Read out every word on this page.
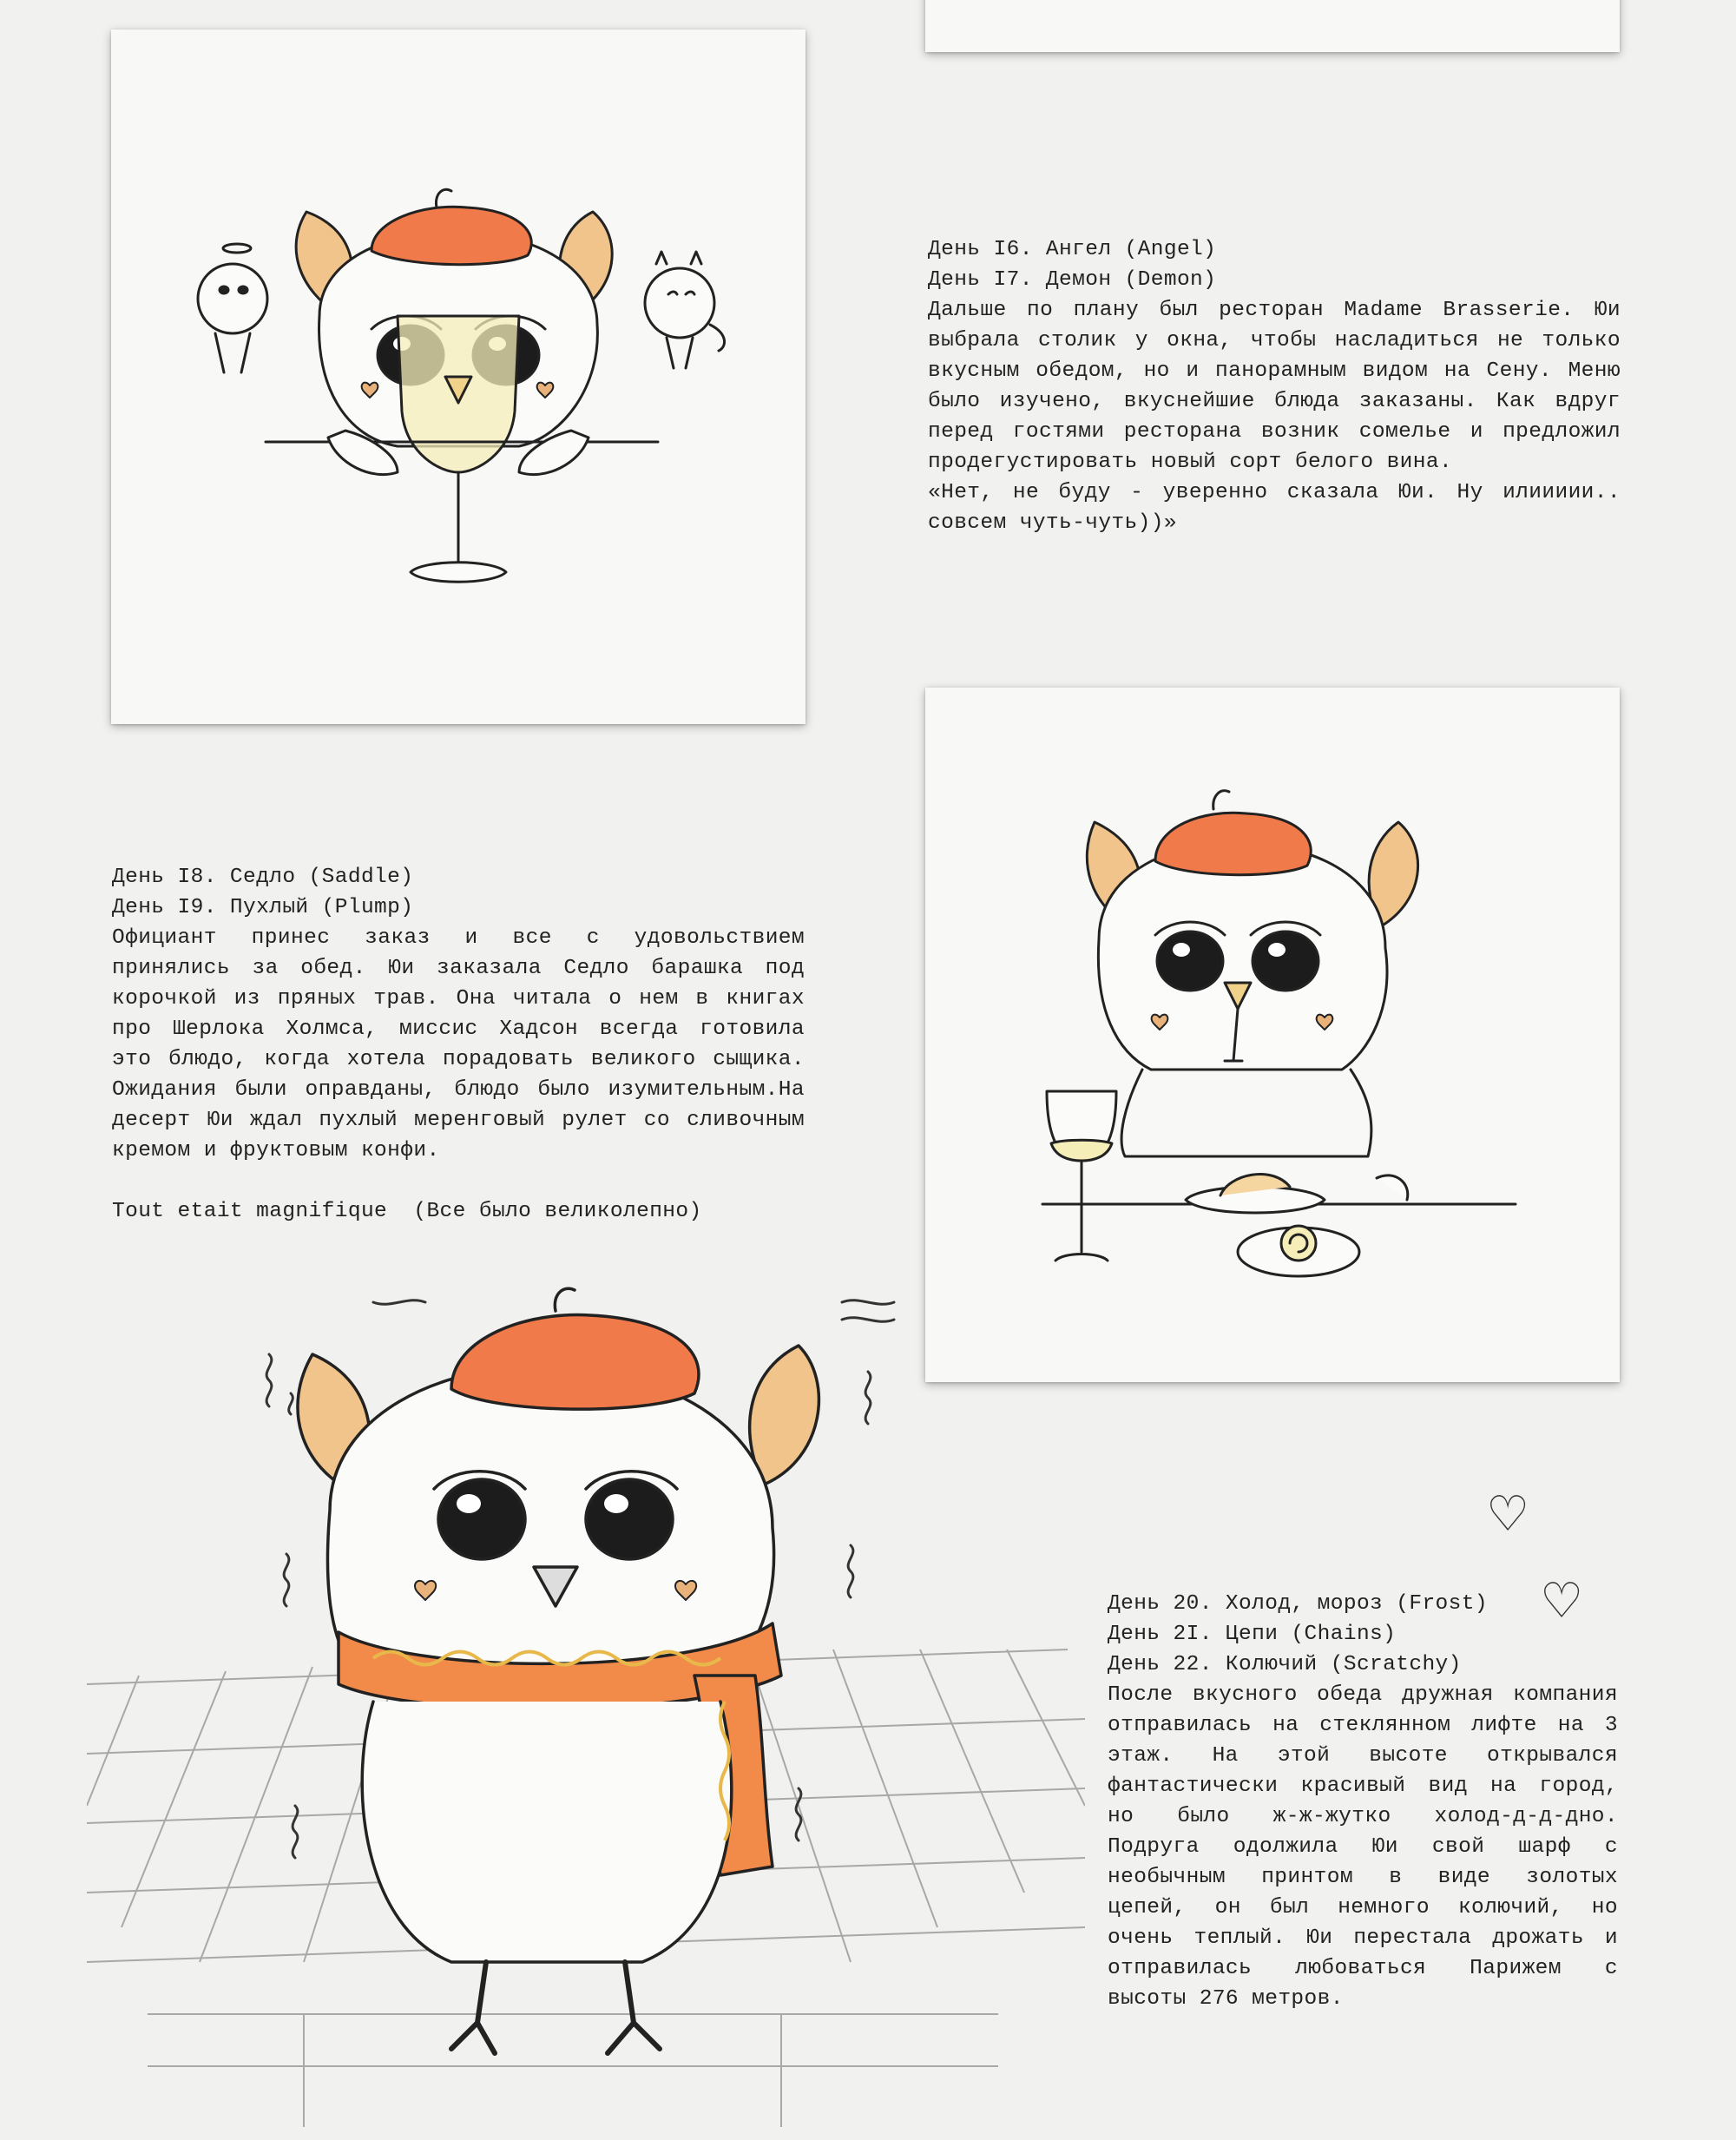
День I6. Ангел (Angel)
День I7. Демон (Demon)
Дальше по плану был ресторан Madame Brasserie. Юи выбрала столик у окна, чтобы насладиться не только вкусным обедом, но и панорамным видом на Сену. Меню было изучено, вкуснейшие блюда заказаны. Как вдруг перед гостями ресторана возник сомелье и предложил продегустировать новый сорт белого вина.
«Нет, не буду - уверенно сказала Юи. Ну илиииии.. совсем чуть-чуть))»
День I8. Седло (Saddle)
День I9. Пухлый (Plump)
Официант принес заказ и все с удовольствием принялись за обед. Юи заказала Седло барашка под корочкой из пряных трав. Она читала о нем в книгах про Шерлока Холмса, миссис Хадсон всегда готовила это блюдо, когда хотела порадовать великого сыщика. Ожидания были оправданы, блюдо было изумительным.На десерт Юи ждал пухлый меренговый рулет со сливочным кремом и фруктовым конфи.
Tout etait magnifique  (Все было великолепно)
♡
♡
День 20. Холод, мороз (Frost)
День 2I. Цепи (Chains)
День 22. Колючий (Scratchy)
После вкусного обеда дружная компания отправилась на стеклянном лифте на 3 этаж. На этой высоте открывался фантастически красивый вид на город, но было ж-ж-жутко холод-д-д-дно. Подруга одолжила Юи свой шарф с необычным принтом в виде золотых цепей, он был немного колючий, но очень теплый. Юи перестала дрожать и отправилась любоваться Парижем с высоты 276 метров.
